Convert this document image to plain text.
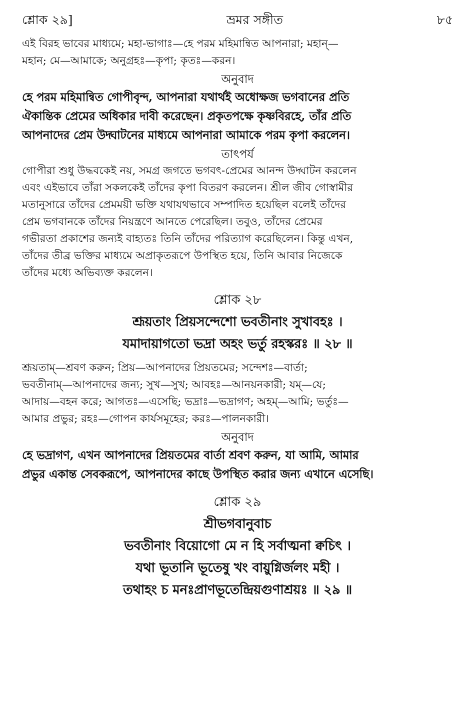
শ্লোক ২৯]	ভ্রমর সঙ্গীত	৮৫

এই বিরহ ভাবের মাধ্যমে; মহা-ভাগাঃ—হে পরম মহিমান্বিত আপনারা; মহান্—

মহান; মে—আমাকে; অনুগ্রহঃ—কৃপা; কৃতঃ—করন।

অনুবাদ

হে পরম মহিমান্বিত গোপীবৃন্দ, আপনারা যথার্থই অধোক্ষজ ভগবানের প্রতি

ঐকান্তিক প্রেমের অধিকার দাবী করেছেন। প্রকৃতপক্ষে কৃষ্ণবিরহে, তাঁর প্রতি

আপনাদের প্রেম উদ্ঘাটনের মাধ্যমে আপনারা আমাকে পরম কৃপা করলেন।

তাৎপর্য

গোপীরা শুধু উদ্ধবকেই নয়, সমগ্র জগতে ভগবৎ-প্রেমের আনন্দ উদ্ঘাটন করলেন

এবং এইভাবে তাঁরা সকলকেই তাঁদের কৃপা বিতরণ করলেন। শ্রীল জীব গোস্বামীর

মতানুসারে তাঁদের প্রেমময়ী ভক্তি যথাযথভাবে সম্পাদিত হয়েছিল বলেই তাঁদের

প্রেম ভগবানকে তাঁদের নিয়ন্ত্রণে আনতে পেরেছিল। তবুও, তাঁদের প্রেমের

গভীরতা প্রকাশের জন্যই বাহ্যতঃ তিনি তাঁদের পরিত্যাগ করেছিলেন। কিন্তু এখন,

তাঁদের তীব্র ভক্তির মাধ্যমে অপ্রাকৃতরূপে উপস্থিত হয়ে, তিনি আবার নিজেকে

তাঁদের মধ্যে অভিব্যক্ত করলেন।

শ্লোক ২৮
শ্রূয়তাং প্রিয়সন্দেশো ভবতীনাং সুখাবহঃ ।
যমাদায়াগতো ভদ্রা অহং ভর্তু রহস্করঃ ॥ ২৮ ॥

শ্রূয়তাম্—শ্রবণ করুন; প্রিয়—আপনাদের প্রিয়তমের; সন্দেশঃ—বার্তা;

ভবতীনাম্—আপনাদের জন্য; সুখ—সুখ; আবহঃ—আনয়নকারী; যম্—যে;

আদায়—বহন করে; আগতঃ—এসেছি; ভদ্রাঃ—ভদ্রাগণ; অহম্—আমি; ভর্তুঃ—

আমার প্রভুর; রহঃ—গোপন কার্যসমূহের; করঃ—পালনকারী।

অনুবাদ

হে ভদ্রাগণ, এখন আপনাদের প্রিয়তমের বার্তা শ্রবণ করুন, যা আমি, আমার

প্রভুর একান্ত সেবকরূপে, আপনাদের কাছে উপস্থিত করার জন্য এখানে এসেছি।

শ্লোক ২৯
শ্রীভগবানুবাচ
ভবতীনাং বিয়োগো মে ন হি সর্বাত্মনা ক্বচিৎ ।
যথা ভূতানি ভূতেষু খং বায়ুগ্নির্জলং মহী ।
তথাহং চ মনঃপ্রাণভূতেন্দ্রিয়গুণাশ্রয়ঃ ॥ ২৯ ॥
